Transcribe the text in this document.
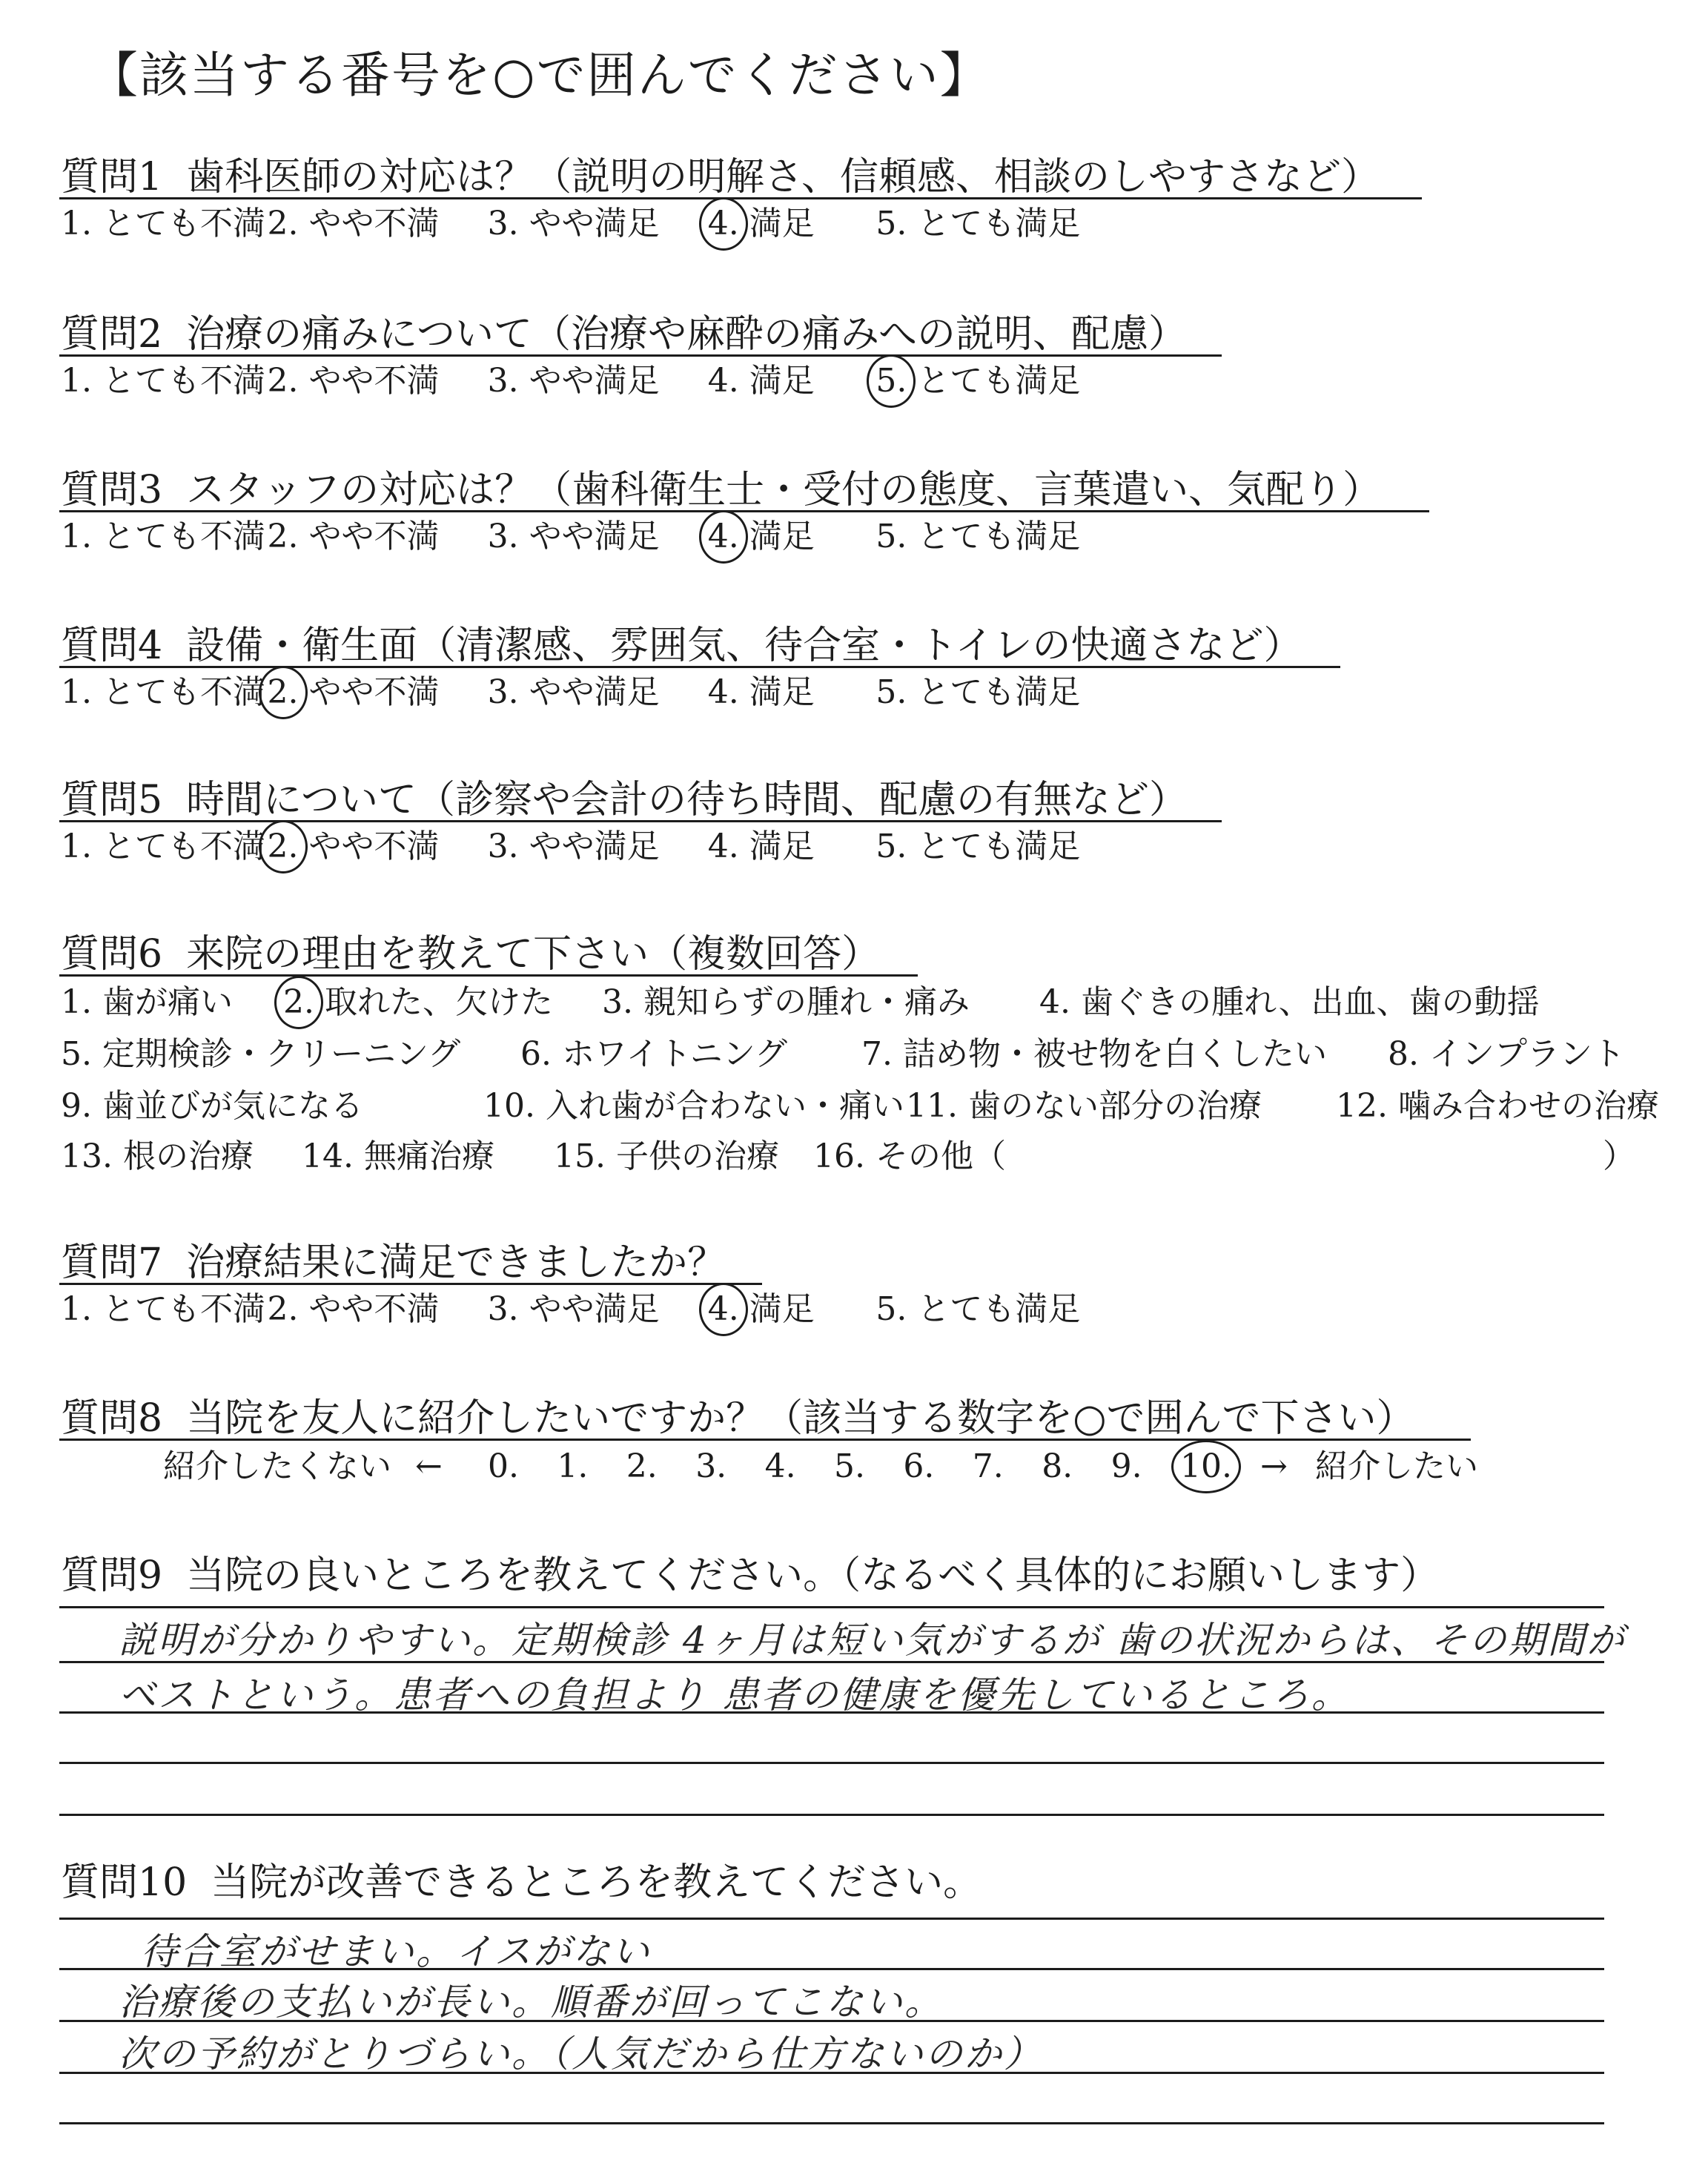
【該当する番号を○で囲んでください】
質問1 歯科医師の対応は？（説明の明解さ、信頼感、相談のしやすさなど）
1. とても不満 2. やや不満 3. やや満足 4. 満足 5. とても満足
質問2 治療の痛みについて（治療や麻酔の痛みへの説明、配慮）
1. とても不満 2. やや不満 3. やや満足 4. 満足 5. とても満足
質問3 スタッフの対応は？（歯科衛生士・受付の態度、言葉遣い、気配り）
1. とても不満 2. やや不満 3. やや満足 4. 満足 5. とても満足
質問4 設備・衛生面（清潔感、雰囲気、待合室・トイレの快適さなど）
1. とても不満 2. やや不満 3. やや満足 4. 満足 5. とても満足
質問5 時間について（診察や会計の待ち時間、配慮の有無など）
1. とても不満 2. やや不満 3. やや満足 4. 満足 5. とても満足
質問6 来院の理由を教えて下さい（複数回答）
1. 歯が痛い 2. 取れた、欠けた 3. 親知らずの腫れ・痛み 4. 歯ぐきの腫れ、出血、歯の動揺
5. 定期検診・クリーニング 6. ホワイトニング 7. 詰め物・被せ物を白くしたい 8. インプラント
9. 歯並びが気になる	10. 入れ歯が合わない・痛い 11. 歯のない部分の治療 12. 噛み合わせの治療
13. 根の治療 14. 無痛治療 15. 子供の治療 16. その他（	）
質問7 治療結果に満足できましたか？
1. とても不満 2. やや不満 3. やや満足 4. 満足 5. とても満足
質問8 当院を友人に紹介したいですか？（該当する数字を○で囲んで下さい）
紹介したくない ← 0. 1. 2. 3. 4. 5. 6. 7. 8. 9. 10. → 紹介したい
質問9 当院の良いところを教えてください。（なるべく具体的にお願いします）
説明が分かりやすい。定期検診 4ヶ月は短い気がするが 歯の状況からは、その期間が
ベストという。患者への負担より 患者の健康を優先しているところ。
質問10 当院が改善できるところを教えてください。
待合室がせまい。イスがない
治療後の支払いが長い。順番が回ってこない。
次の予約がとりづらい。（人気だから仕方ないのか）
